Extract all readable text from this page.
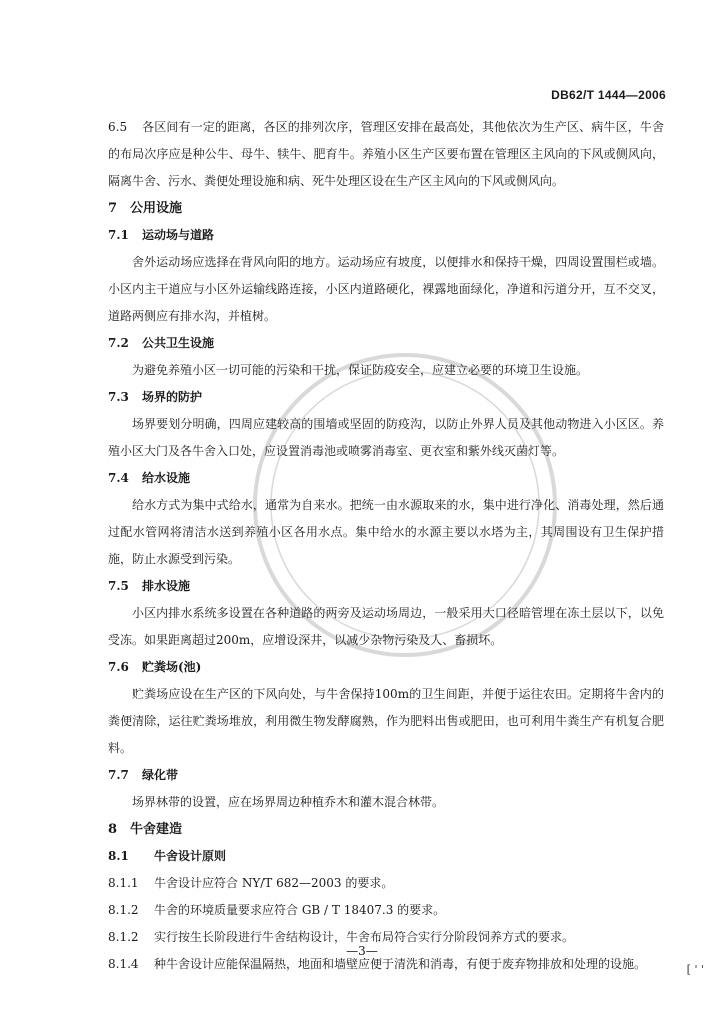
DB62/T 1444—2006

6.5 各区间有一定的距离，各区的排列次序，管理区安排在最高处，其他依次为生产区、病牛区，牛舍的布局次序应是种公牛、母牛、犊牛、肥育牛。养殖小区生产区要布置在管理区主风向的下风或侧风向，隔离牛舍、污水、粪便处理设施和病、死牛处理区设在生产区主风向的下风或侧风向。

7 公用设施

7.1 运动场与道路

舍外运动场应选择在背风向阳的地方。运动场应有坡度，以便排水和保持干燥，四周设置围栏或墙。小区内主干道应与小区外运输线路连接，小区内道路硬化，裸露地面绿化，净道和污道分开，互不交叉，道路两侧应有排水沟，并植树。

7.2 公共卫生设施

为避免养殖小区一切可能的污染和干扰，保证防疫安全，应建立必要的环境卫生设施。

7.3 场界的防护

场界要划分明确，四周应建较高的围墙或坚固的防疫沟，以防止外界人员及其他动物进入小区区。养殖小区大门及各牛舍入口处，应设置消毒池或喷雾消毒室、更衣室和紫外线灭菌灯等。

7.4 给水设施

给水方式为集中式给水，通常为自来水。把统一由水源取来的水，集中进行净化、消毒处理，然后通过配水管网将清洁水送到养殖小区各用水点。集中给水的水源主要以水塔为主，其周围设有卫生保护措施，防止水源受到污染。

7.5 排水设施

小区内排水系统多设置在各种道路的两旁及运动场周边，一般采用大口径暗管埋在冻土层以下，以免受冻。如果距离超过200m，应增设深井，以减少杂物污染及人、畜损坏。

7.6 贮粪场(池)

贮粪场应设在生产区的下风向处，与牛舍保持100m的卫生间距，并便于运往农田。定期将牛舍内的粪便清除，运往贮粪场堆放，利用微生物发酵腐熟，作为肥料出售或肥田，也可利用牛粪生产有机复合肥料。

7.7 绿化带

场界林带的设置，应在场界周边种植乔木和灌木混合林带。

8 牛舍建造

8.1 牛舍设计原则

8.1.1 牛舍设计应符合 NY/T 682—2003 的要求。

8.1.2 牛舍的环境质量要求应符合 GB / T 18407.3 的要求。

8.1.2 实行按生长阶段进行牛舍结构设计，牛舍布局符合实行分阶段饲养方式的要求。

8.1.4 种牛舍设计应能保温隔热，地面和墙壁应便于清洗和消毒，有便于废弃物排放和处理的设施。

—3—
[ ' '
